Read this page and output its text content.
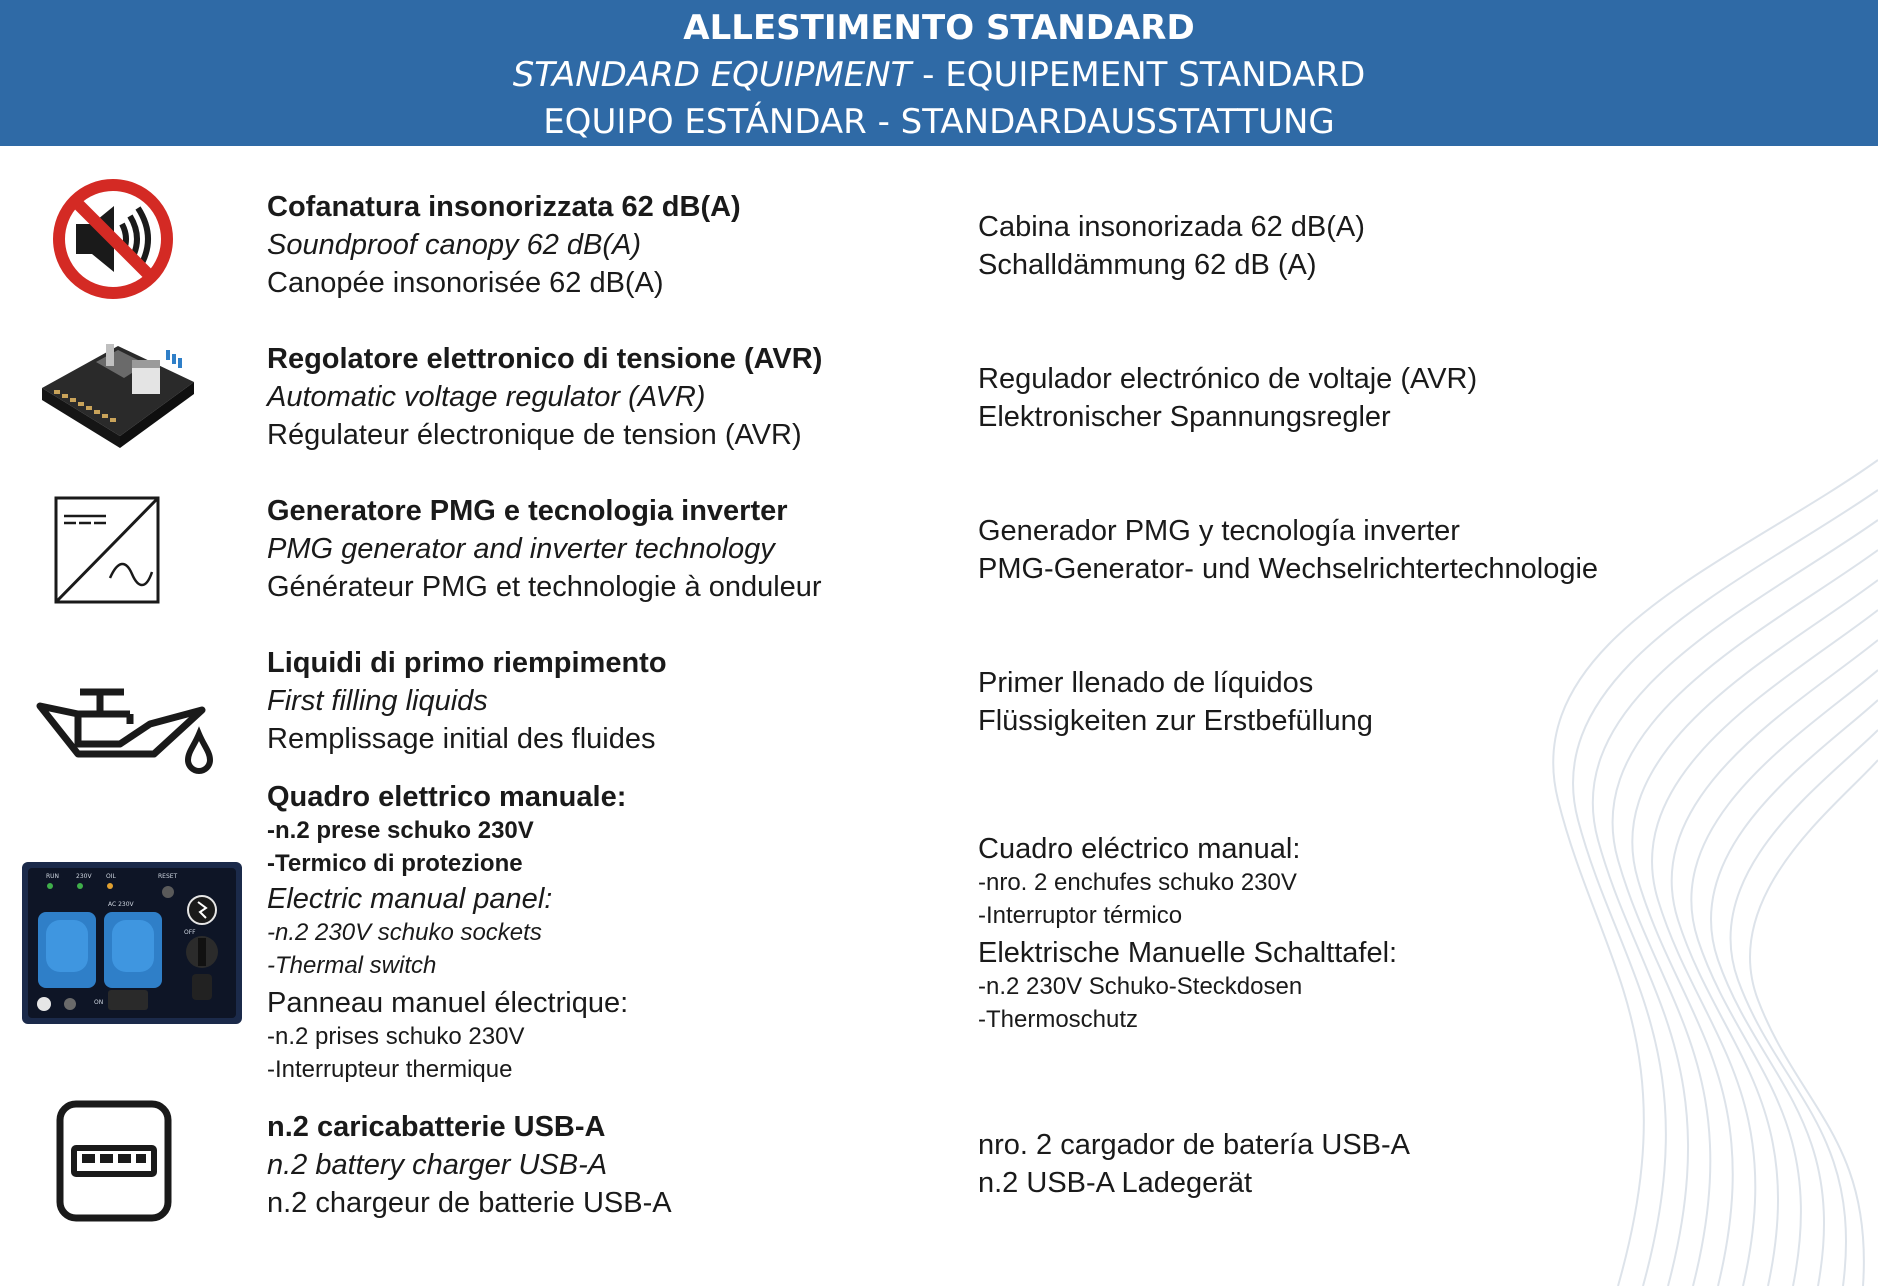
ALLESTIMENTO STANDARD
STANDARD EQUIPMENT - EQUIPEMENT STANDARD
EQUIPO ESTÁNDAR - STANDARDAUSSTATTUNG
Cofanatura insonorizzata 62 dB(A)
Soundproof canopy 62 dB(A)
Canopée insonorisée 62 dB(A)
Cabina insonorizada 62 dB(A)
Schalldämmung 62 dB (A)
Regolatore elettronico di tensione (AVR)
Automatic voltage regulator (AVR)
Régulateur électronique de tension (AVR)
Regulador electrónico de voltaje (AVR)
Elektronischer Spannungsregler
Generatore PMG e tecnologia inverter
PMG generator and inverter technology
Générateur PMG et technologie à onduleur
Generador PMG y tecnología inverter
PMG-Generator- und Wechselrichtertechnologie
Liquidi di primo riempimento
First filling liquids
Remplissage initial des fluides
Primer llenado de líquidos
Flüssigkeiten zur Erstbefüllung
RUN	230V OIL	RESET
AC 230V
OFF
ON
Quadro elettrico manuale:
-n.2 prese schuko 230V
-Termico di protezione
Electric manual panel:
-n.2 230V schuko sockets
-Thermal switch
Panneau manuel électrique:
-n.2 prises schuko 230V
-Interrupteur thermique
Cuadro eléctrico manual:
-nro. 2 enchufes schuko 230V
-Interruptor térmico
Elektrische Manuelle Schalttafel:
-n.2 230V Schuko-Steckdosen
-Thermoschutz
n.2 caricabatterie USB-A
n.2 battery charger USB-A
n.2 chargeur de batterie USB-A
nro. 2 cargador de batería USB-A
n.2 USB-A Ladegerät
